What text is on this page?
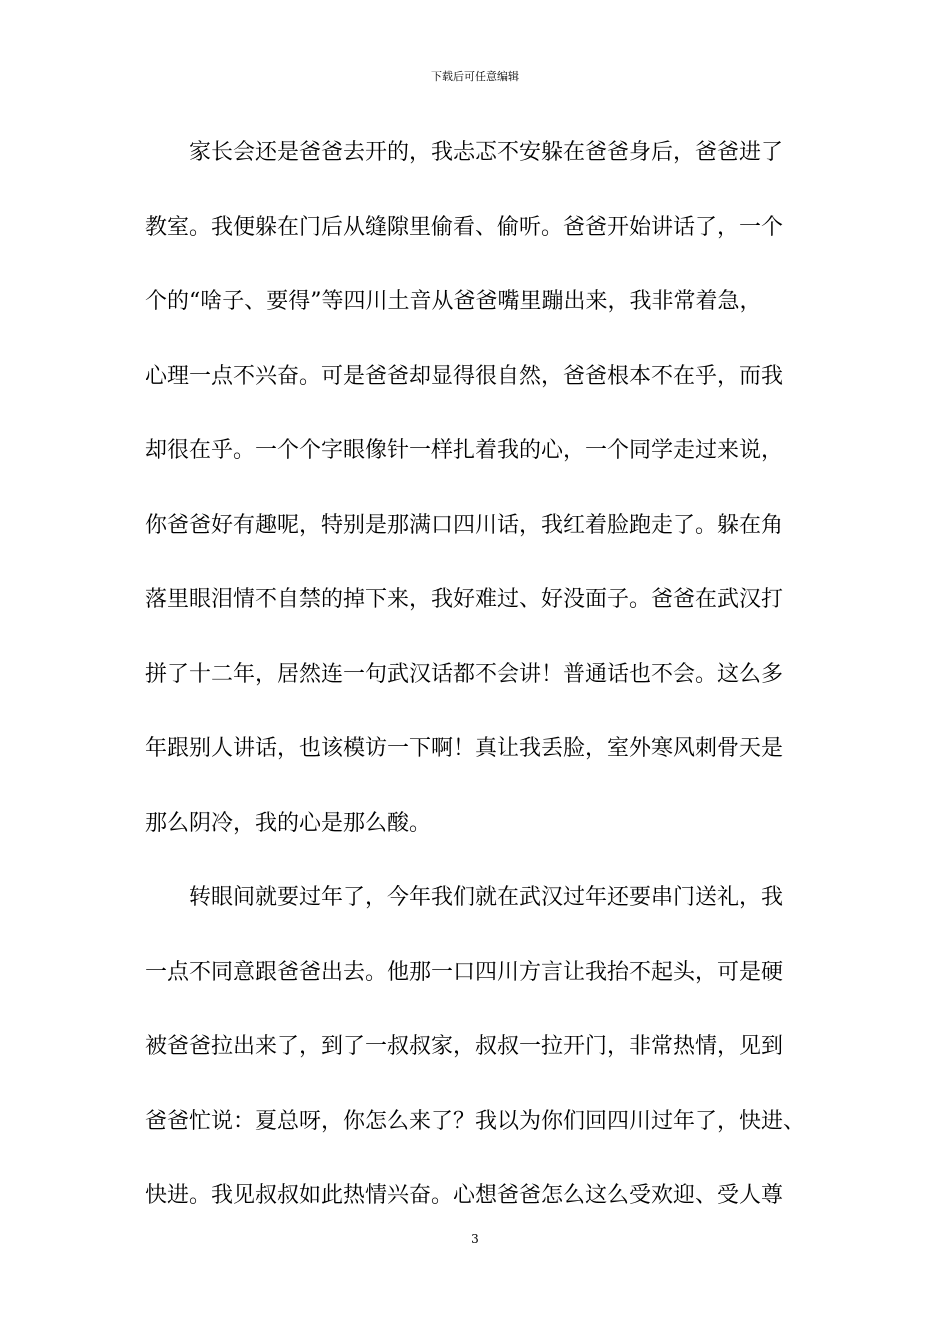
下载后可任意编辑
家长会还是爸爸去开的，我忐忑不安躲在爸爸身后，爸爸进了
教室。我便躲在门后从缝隙里偷看、偷听。爸爸开始讲话了，一个
个的“啥子、要得”等四川土音从爸爸嘴里蹦出来，我非常着急，
心理一点不兴奋。可是爸爸却显得很自然，爸爸根本不在乎，而我
却很在乎。一个个字眼像针一样扎着我的心，一个同学走过来说，
你爸爸好有趣呢，特别是那满口四川话，我红着脸跑走了。躲在角
落里眼泪情不自禁的掉下来，我好难过、好没面子。爸爸在武汉打
拼了十二年，居然连一句武汉话都不会讲！普通话也不会。这么多
年跟别人讲话，也该模访一下啊！真让我丢脸，室外寒风刺骨天是
那么阴冷，我的心是那么酸。
转眼间就要过年了，今年我们就在武汉过年还要串门送礼，我
一点不同意跟爸爸出去。他那一口四川方言让我抬不起头，可是硬
被爸爸拉出来了，到了一叔叔家，叔叔一拉开门，非常热情，见到
爸爸忙说：夏总呀，你怎么来了？我以为你们回四川过年了，快进、
快进。我见叔叔如此热情兴奋。心想爸爸怎么这么受欢迎、受人尊
3
